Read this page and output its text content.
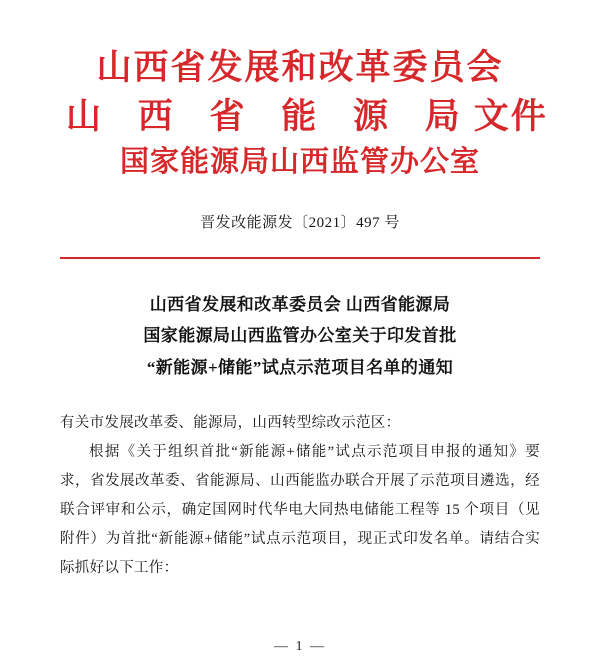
山西省发展和改革委员会
山 西 省 能 源 局文件
国家能源局山西监管办公室
晋发改能源发〔2021〕497 号
山西省发展和改革委员会 山西省能源局
国家能源局山西监管办公室关于印发首批
“新能源+储能”试点示范项目名单的通知

有关市发展改革委、能源局，山西转型综改示范区：

根据《关于组织首批“新能源+储能”试点示范项目申报的通知》要求，省发展改革委、省能源局、山西能监办联合开展了示范项目遴选，经联合评审和公示，确定国网时代华电大同热电储能工程等 15 个项目（见附件）为首批“新能源+储能”试点示范项目，现正式印发名单。请结合实际抓好以下工作：

— 1 —
